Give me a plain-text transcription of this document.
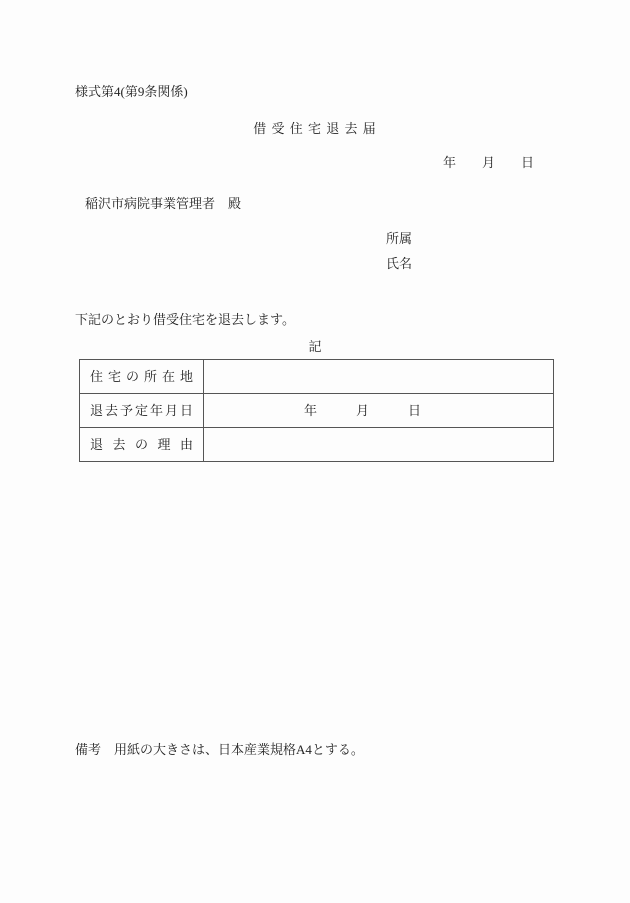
様式第4(第9条関係)
借 受 住 宅 退 去 届
年　　月　　日
稲沢市病院事業管理者　殿
所属
氏名
下記のとおり借受住宅を退去します。
記
住宅の所在地
退去予定年月日	年　　　月　　　日
退去の理由
備考　用紙の大きさは、日本産業規格A4とする。
